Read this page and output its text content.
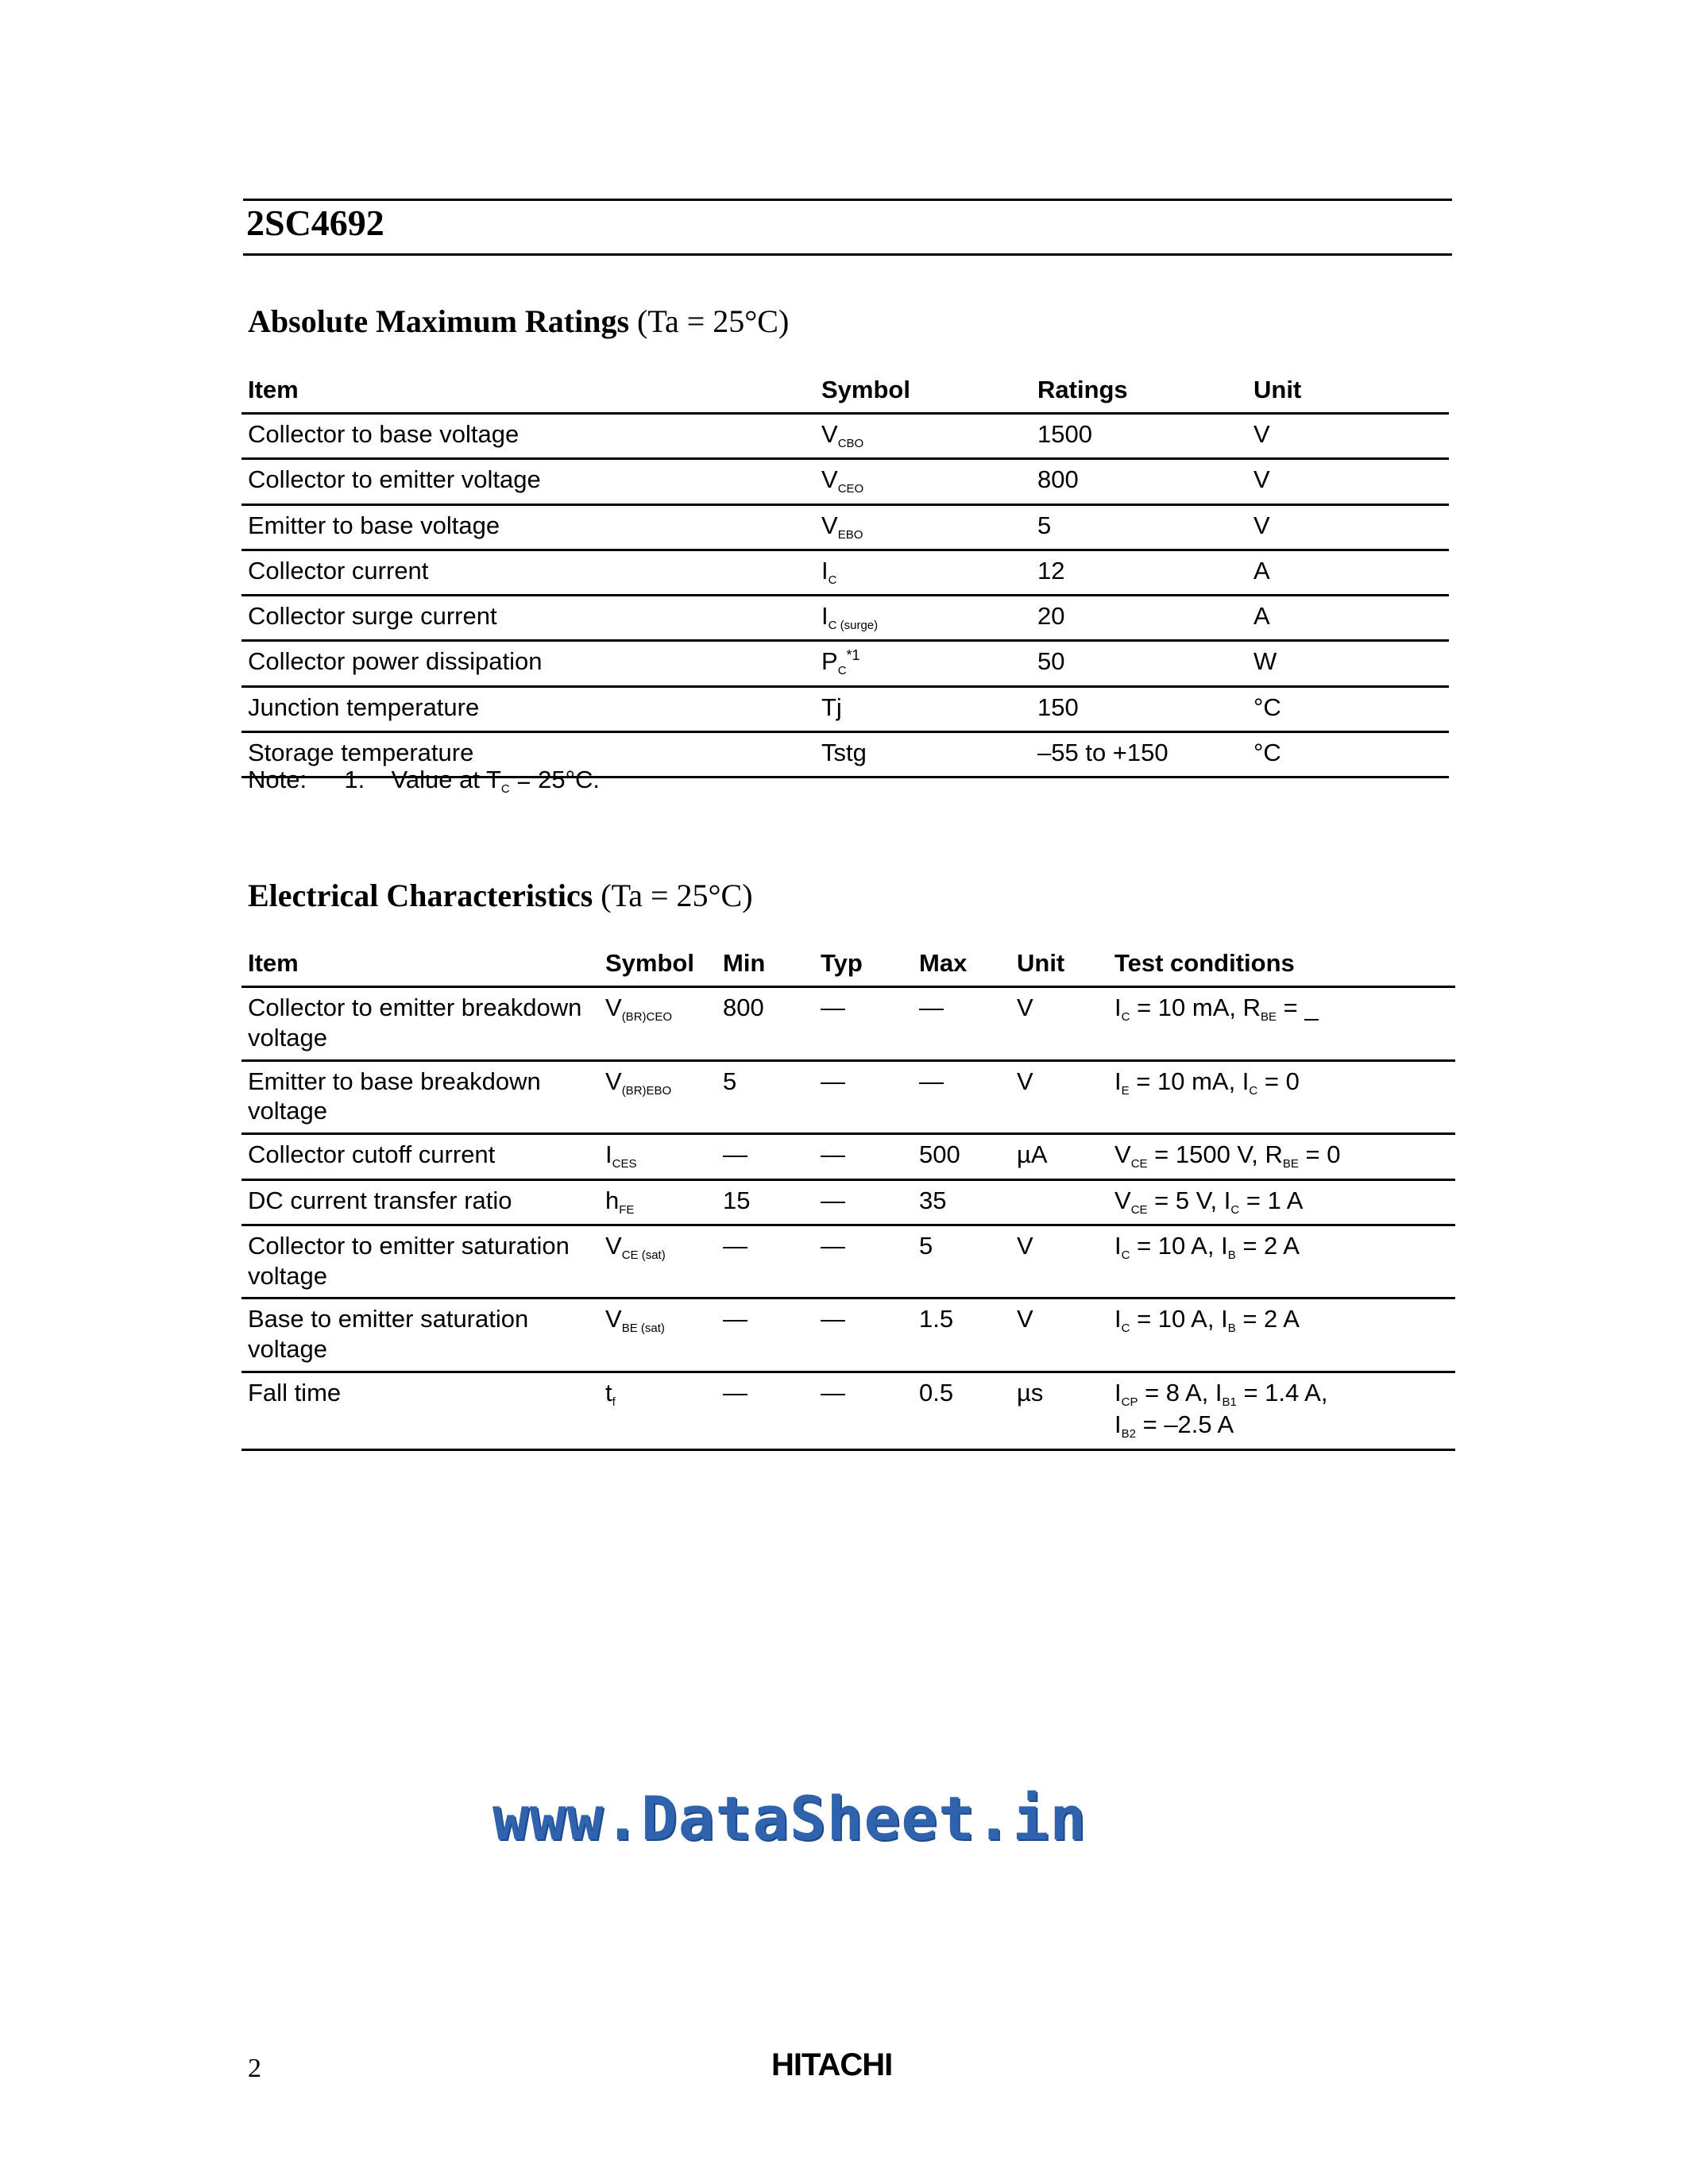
2SC4692
Absolute Maximum Ratings (Ta = 25°C)
Item	Symbol	Ratings	Unit
Collector to base voltage	$V_{CBO}$	1500	V
Collector to emitter voltage	$V_{CEO}$	800	V
Emitter to base voltage	$V_{EBO}$	5	V
Collector current	$I_C$	12	A
Collector surge current	$I_{C (surge)}$	20	A
Collector power dissipation	$P_C^{*1}$	50	W
Junction temperature	Tj	150	°C
Storage temperature	Tstg	–55 to +150	°C
Note: 1. Value at $T_C = 25^\circ C$.
Electrical Characteristics (Ta = 25°C)
Item	Symbol	Min	Typ	Max	Unit	Test conditions
Collector to emitter breakdown
voltage	$V_{(BR)CEO}$	800	—	—	V	$I_C = 10$ mA, $R_{BE}$ = _
Emitter to base breakdown
voltage	$V_{(BR)EBO}$	5	—	—	V	$I_E = 10$ mA, $I_C = 0$
Collector cutoff current	$I_{CES}$	—	—	500	µA	$V_{CE} = 1500$ V, $R_{BE} = 0$
DC current transfer ratio	$h_{FE}$	15	—	35		$V_{CE} = 5$ V, $I_C = 1$ A
Collector to emitter saturation
voltage	$V_{CE (sat)}$	—	—	5	V	$I_C = 10$ A, $I_B = 2$ A
Base to emitter saturation
voltage	$V_{BE (sat)}$	—	—	1.5	V	$I_C = 10$ A, $I_B = 2$ A
Fall time	$t_f$	—	—	0.5	µs	$I_{CP} = 8$ A, $I_{B1} = 1.4$ A,
$I_{B2} = -2.5$ A
www.DataSheet.in
2	HITACHI
